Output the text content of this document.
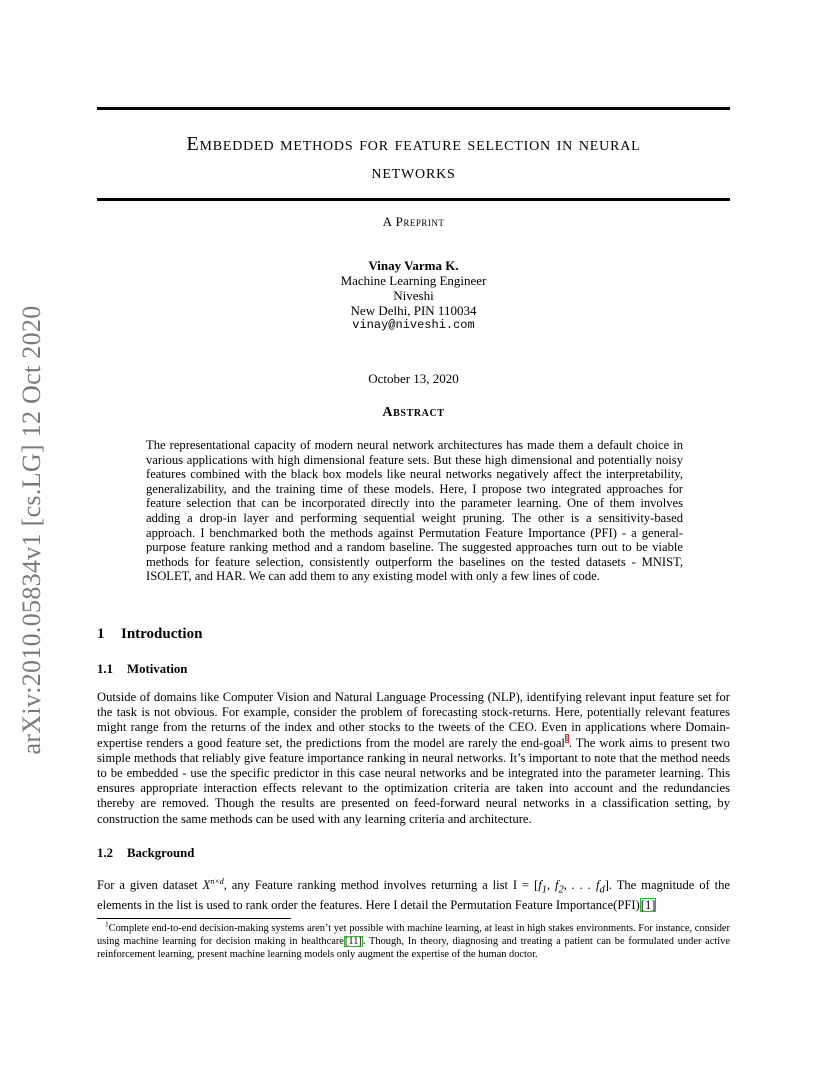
arXiv:2010.05834v1 [cs.LG] 12 Oct 2020
Embedded methods for feature selection in neural
networks
A Preprint
Vinay Varma K.
Machine Learning Engineer
Niveshi
New Delhi, PIN 110034
vinay@niveshi.com
October 13, 2020
Abstract
The representational capacity of modern neural network architectures has made them a default choice in various applications with high dimensional feature sets. But these high dimensional and potentially noisy features combined with the black box models like neural networks negatively affect the interpretability, generalizability, and the training time of these models. Here, I propose two integrated approaches for feature selection that can be incorporated directly into the parameter learning. One of them involves adding a drop-in layer and performing sequential weight pruning. The other is a sensitivity-based approach. I benchmarked both the methods against Permutation Feature Importance (PFI) - a general-purpose feature ranking method and a random baseline. The suggested approaches turn out to be viable methods for feature selection, consistently outperform the baselines on the tested datasets - MNIST, ISOLET, and HAR. We can add them to any existing model with only a few lines of code.
1 Introduction
1.1 Motivation
Outside of domains like Computer Vision and Natural Language Processing (NLP), identifying relevant input feature set for the task is not obvious. For example, consider the problem of forecasting stock-returns. Here, potentially relevant features might range from the returns of the index and other stocks to the tweets of the CEO. Even in applications where Domain-expertise renders a good feature set, the predictions from the model are rarely the end-goal$^1$. The work aims to present two simple methods that reliably give feature importance ranking in neural networks. It’s important to note that the method needs to be embedded - use the specific predictor in this case neural networks and be integrated into the parameter learning. This ensures appropriate interaction effects relevant to the optimization criteria are taken into account and the redundancies thereby are removed. Though the results are presented on feed-forward neural networks in a classification setting, by construction the same methods can be used with any learning criteria and architecture.
1.2 Background
For a given dataset $X^{n\times d}$, any Feature ranking method involves returning a list $I = [f_1$, $f_2$, . . . $f_d$]. The magnitude of the elements in the list is used to rank order the features. Here I detail the Permutation Feature Importance(PFI)[1]
$^1$Complete end-to-end decision-making systems aren’t yet possible with machine learning, at least in high stakes environments. For instance, consider using machine learning for decision making in healthcare[11]. Though, In theory, diagnosing and treating a patient can be formulated under active reinforcement learning, present machine learning models only augment the expertise of the human doctor.
